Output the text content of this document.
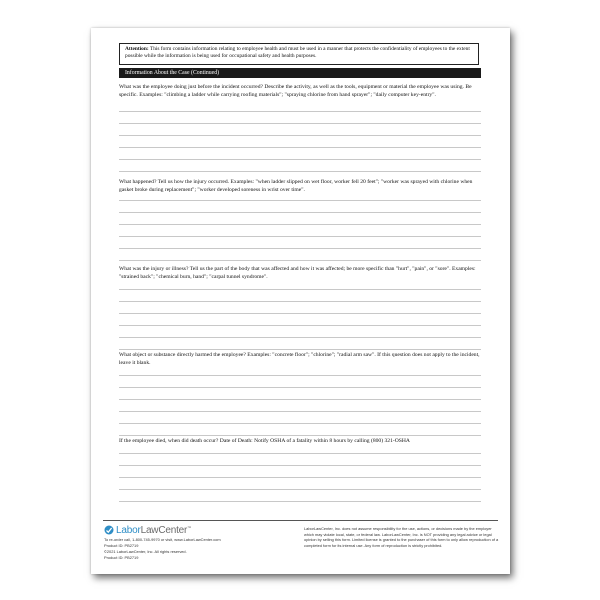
Attention: This form contains information relating to employee health and must be used in a manner that protects the confidentiality of employees to the extent possible while the information is being used for occupational safety and health purposes.
Information About the Case (Continued)
What was the employee doing just before the incident occurred? Describe the activity, as well as the tools, equipment or material the employee was using. Be specific. Examples: "climbing a ladder while carrying roofing materials"; "spraying chlorine from hand sprayer"; "daily computer key-entry".
What happened? Tell us how the injury occurred. Examples: "when ladder slipped on wet floor, worker fell 20 feet"; "worker was sprayed with chlorine when gasket broke during replacement"; "worker developed soreness in wrist over time".
What was the injury or illness? Tell us the part of the body that was affected and how it was affected; be more specific than "hurt", "pain", or "sore". Examples: "strained back"; "chemical burn, hand"; "carpal tunnel syndrome".
What object or substance directly harmed the employee? Examples: "concrete floor"; "chlorine"; "radial arm saw". If this question does not apply to the incident, leave it blank.
If the employee died, when did death occur? Date of Death: Notify OSHA of a fatality within 8 hours by calling (800) 321-OSHA
LaborLawCenter™
To re-order call, 1-800-745-9970 or visit, www.LaborLawCenter.com
Product ID: PB2719
©2021 LaborLawCenter, Inc. All rights reserved.
Product ID: PB2719
LaborLawCenter, Inc. does not assume responsibility for the use, actions, or decisions made by the employer which may violate local, state, or federal law. LaborLawCenter, Inc. is NOT providing any legal advice or legal opinion by selling this form. Limited license is granted to the purchaser of this form to only allow reproduction of a completed form for its internal use. Any form of reproduction is strictly prohibited.
